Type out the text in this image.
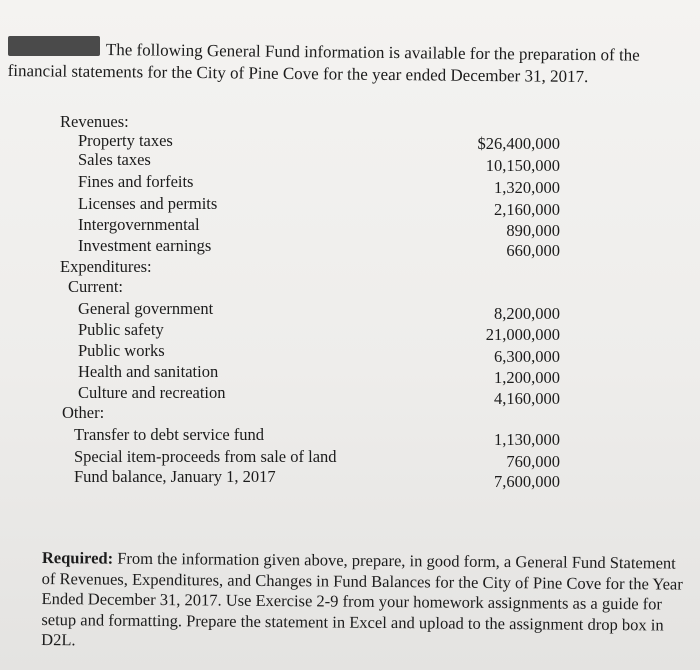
The following General Fund information is available for the preparation of the
financial statements for the City of Pine Cove for the year ended December 31, 2017.
Revenues:
Property taxes	$26,400,000
Sales taxes	10,150,000
Fines and forfeits	1,320,000
Licenses and permits	2,160,000
Intergovernmental	890,000
Investment earnings	660,000
Expenditures:
Current:
General government	8,200,000
Public safety	21,000,000
Public works	6,300,000
Health and sanitation	1,200,000
Culture and recreation	4,160,000
Other:
Transfer to debt service fund	1,130,000
Special item-proceeds from sale of land	760,000
Fund balance, January 1, 2017	7,600,000
Required: From the information given above, prepare, in good form, a General Fund Statement of Revenues, Expenditures, and Changes in Fund Balances for the City of Pine Cove for the Year Ended December 31, 2017. Use Exercise 2-9 from your homework assignments as a guide for setup and formatting. Prepare the statement in Excel and upload to the assignment drop box in D2L.
